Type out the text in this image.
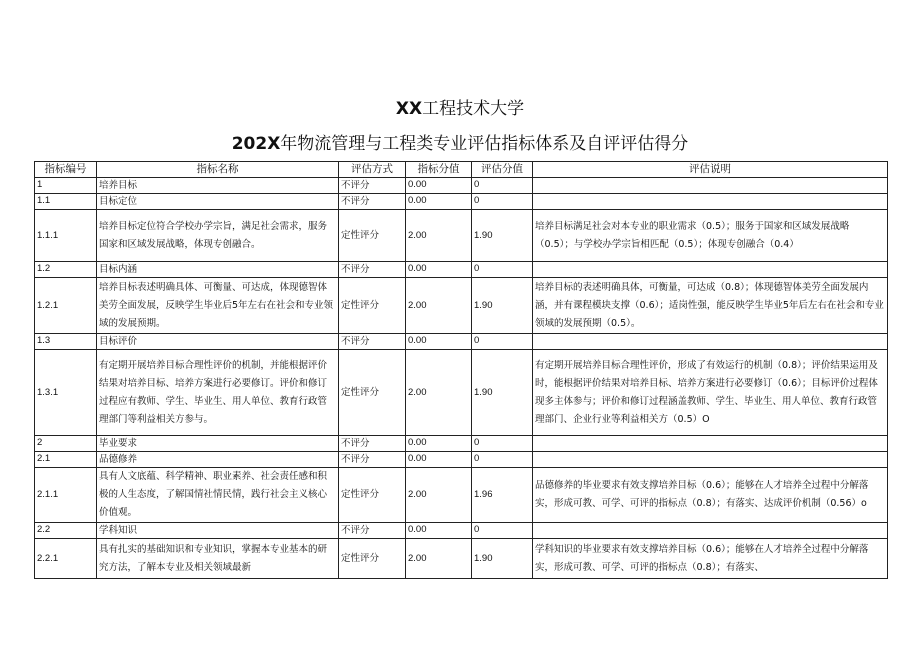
XX工程技术大学
202X年物流管理与工程类专业评估指标体系及自评评估得分
指标编号	指标名称	评估方式	指标分值	评估分值	评估说明
1	培养目标	不评分	0.00	0	
1.1	目标定位	不评分	0.00	0	
1.1.1	培养目标定位符合学校办学宗旨，满足社会需求，服务国家和区域发展战略，体现专创融合。	定性评分	2.00	1.90	培养目标满足社会对本专业的职业需求（0.5）；服务于国家和区域发展战略（0.5）；与学校办学宗旨相匹配（0.5）；体现专创融合（0.4）
1.2	目标内涵	不评分	0.00	0	
1.2.1	培养目标表述明确具体、可衡量、可达成，体现德智体美劳全面发展，反映学生毕业后5年左右在社会和专业领域的发展预期。	定性评分	2.00	1.90	培养目标的表述明确具体，可衡量，可达成（0.8）；体现德智体美劳全面发展内涵，并有课程模块支撑（0.6）；适岗性强，能反映学生毕业5年后左右在社会和专业领域的发展预期（0.5）。
1.3	目标评价	不评分	0.00	0	
1.3.1	有定期开展培养目标合理性评价的机制，并能根据评价结果对培养目标、培养方案进行必要修订。评价和修订过程应有教师、学生、毕业生、用人单位、教育行政管理部门等利益相关方参与。	定性评分	2.00	1.90	有定期开展培养目标合理性评价，形成了有效运行的机制（0.8）；评价结果运用及时，能根据评价结果对培养目标、培养方案进行必要修订（0.6）；目标评价过程体现多主体参与；评价和修订过程涵盖教师、学生、毕业生、用人单位、教育行政管理部门、企业行业等利益相关方（0.5）O
2	毕业要求	不评分	0.00	0	
2.1	品德修养	不评分	0.00	0	
2.1.1	具有人文底蕴、科学精神、职业素养、社会责任感和积极的人生态度，了解国情社情民情，践行社会主义核心价值观。	定性评分	2.00	1.96	品德修养的毕业要求有效支撑培养目标（0.6）；能够在人才培养全过程中分解落实，形成可教、可学、可评的指标点（0.8）；有落实、达成评价机制（0.56）o
2.2	学科知识	不评分	0.00	0	
2.2.1	具有扎实的基础知识和专业知识，掌握本专业基本的研究方法，了解本专业及相关领域最新	定性评分	2.00	1.90	学科知识的毕业要求有效支撑培养目标（0.6）；能够在人才培养全过程中分解落实，形成可教、可学、可评的指标点（0.8）；有落实、
